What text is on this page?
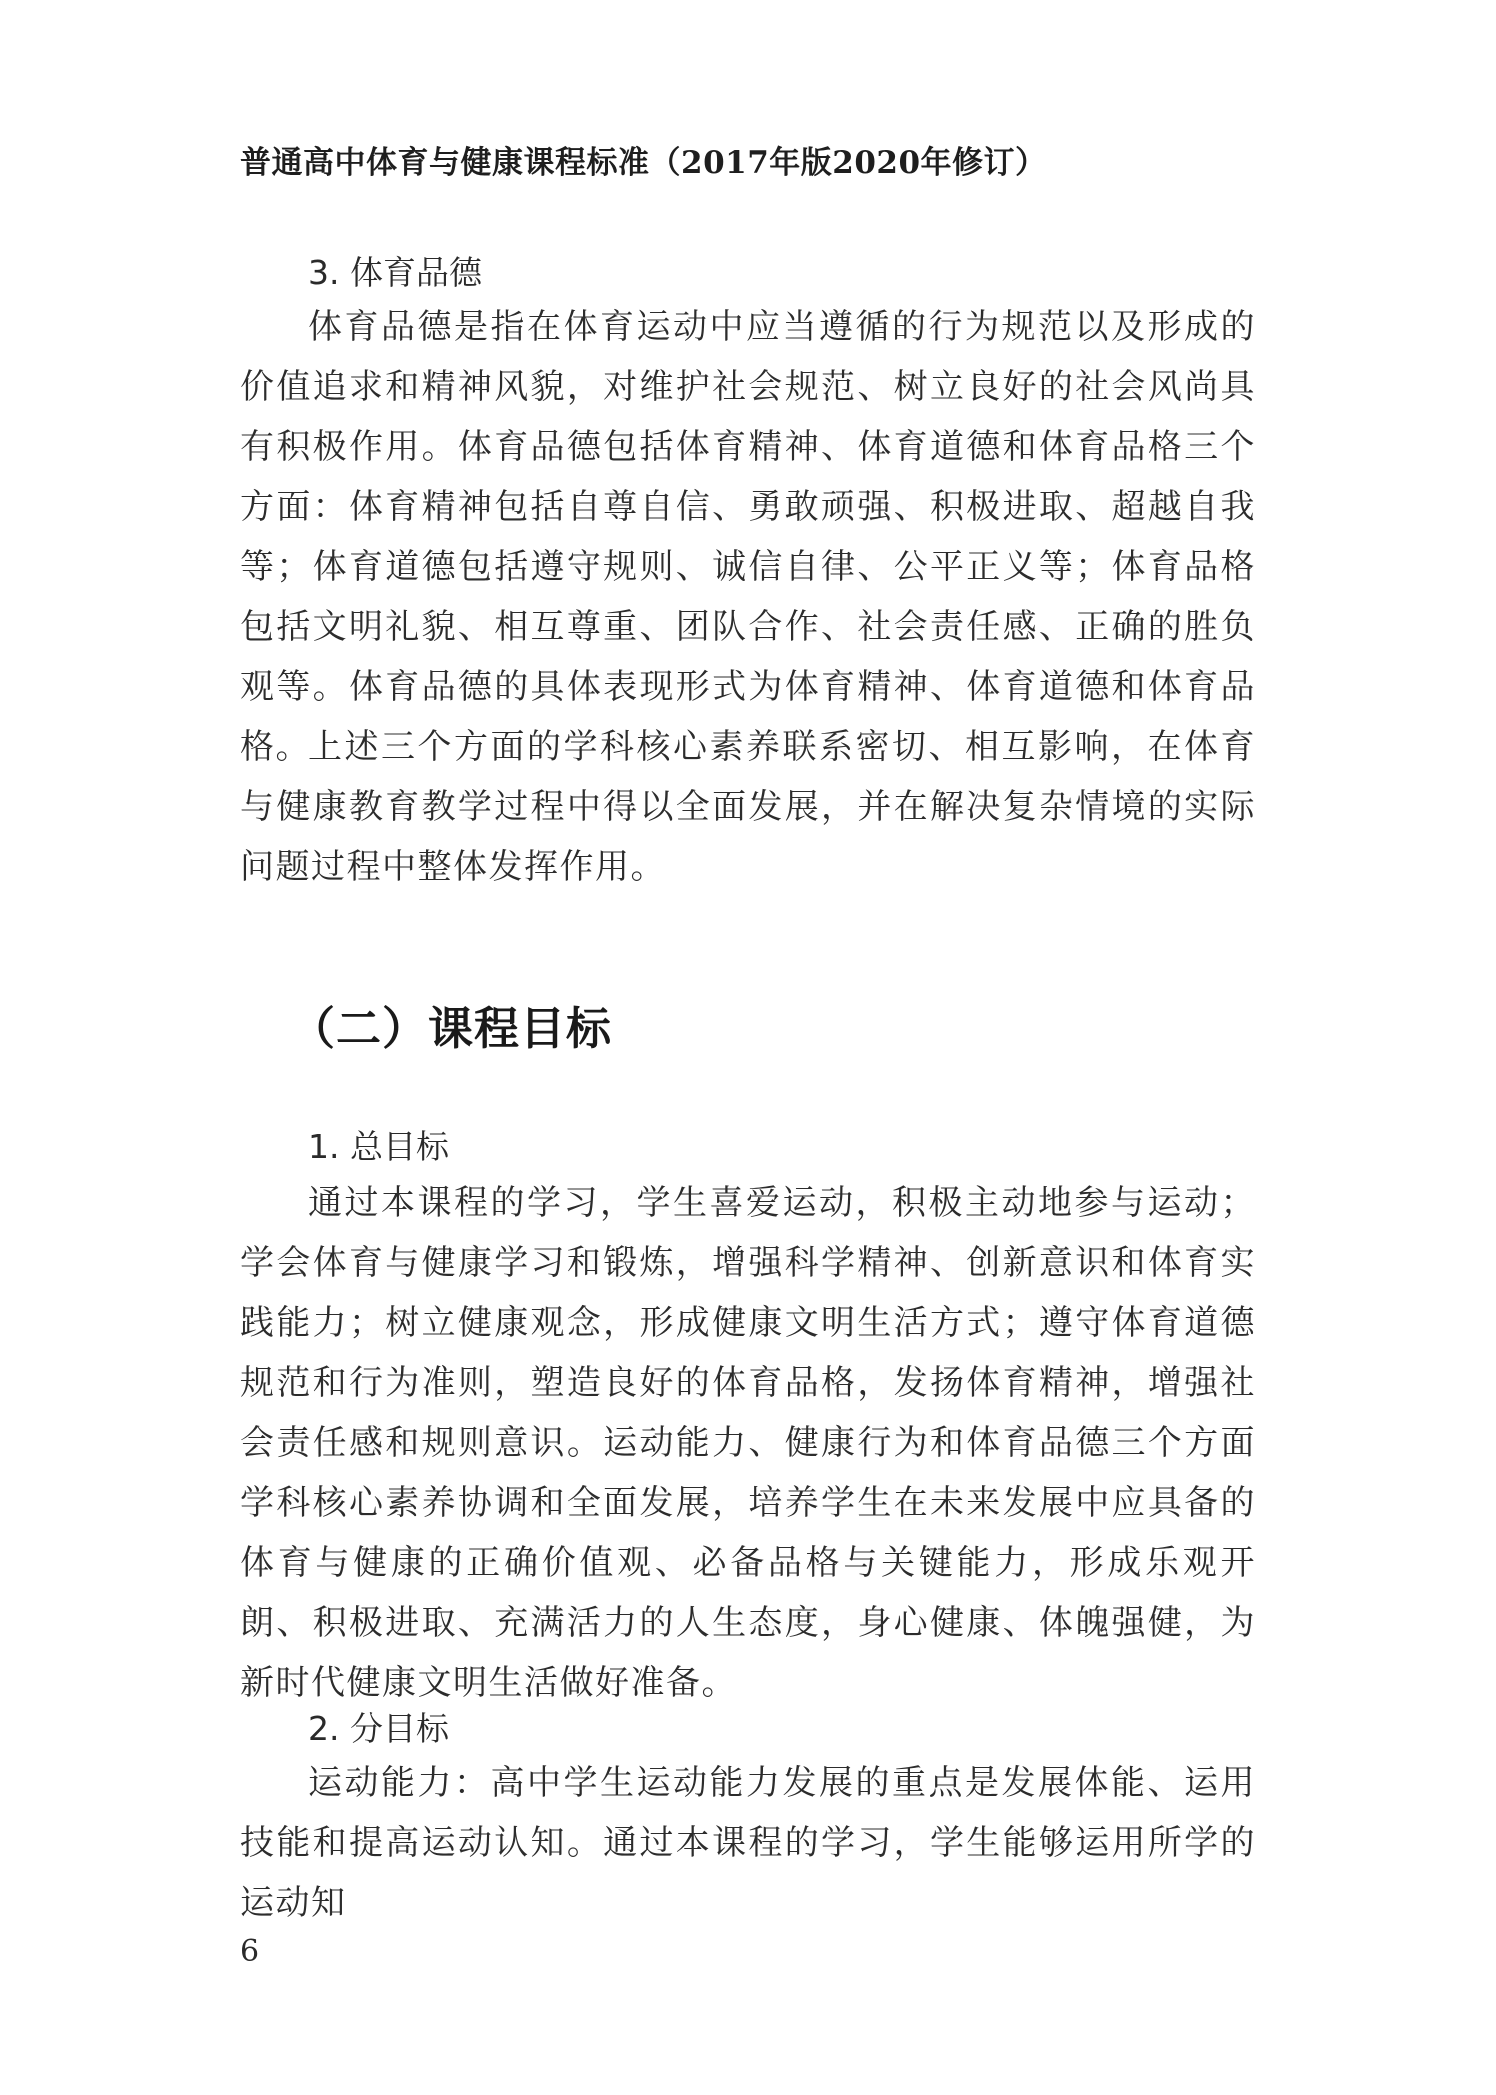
普通高中体育与健康课程标准（2017年版2020年修订）
3. 体育品德

体育品德是指在体育运动中应当遵循的行为规范以及形成的价值追求和精神风貌，对维护社会规范、树立良好的社会风尚具有积极作用。体育品德包括体育精神、体育道德和体育品格三个方面：体育精神包括自尊自信、勇敢顽强、积极进取、超越自我等；体育道德包括遵守规则、诚信自律、公平正义等；体育品格包括文明礼貌、相互尊重、团队合作、社会责任感、正确的胜负观等。体育品德的具体表现形式为体育精神、体育道德和体育品格。

上述三个方面的学科核心素养联系密切、相互影响，在体育与健康教育教学过程中得以全面发展，并在解决复杂情境的实际问题过程中整体发挥作用。

（二）课程目标
1. 总目标

通过本课程的学习，学生喜爱运动，积极主动地参与运动；学会体育与健康学习和锻炼，增强科学精神、创新意识和体育实践能力；树立健康观念，形成健康文明生活方式；遵守体育道德规范和行为准则，塑造良好的体育品格，发扬体育精神，增强社会责任感和规则意识。运动能力、健康行为和体育品德三个方面学科核心素养协调和全面发展，培养学生在未来发展中应具备的体育与健康的正确价值观、必备品格与关键能力，形成乐观开朗、积极进取、充满活力的人生态度，身心健康、体魄强健，为新时代健康文明生活做好准备。

2. 分目标

运动能力：高中学生运动能力发展的重点是发展体能、运用技能和提高运动认知。通过本课程的学习，学生能够运用所学的运动知

6
